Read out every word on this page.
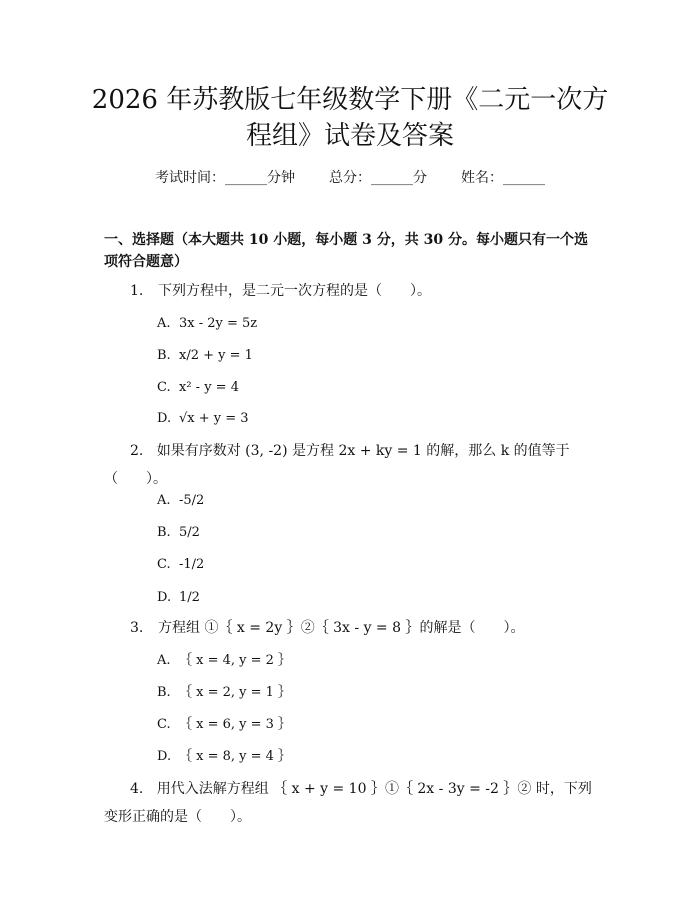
2026 年苏教版七年级数学下册《二元一次方程组》试卷及答案
考试时间：______分钟 总分：______分 姓名：______
一、选择题（本大题共 10 小题，每小题 3 分，共 30 分。每小题只有一个选项符合题意）
1. 下列方程中，是二元一次方程的是（　　）。
A. 3x - 2y = 5z
B. x/2 + y = 1
C. x² - y = 4
D. √x + y = 3
2. 如果有序数对 (3, -2) 是方程 2x + ky = 1 的解，那么 k 的值等于（　　）。
A. -5/2
B. 5/2
C. -1/2
D. 1/2
3. 方程组 ①｛ x = 2y ｝②｛ 3x - y = 8 ｝的解是（　　）。
A. ｛ x = 4, y = 2 ｝
B. ｛ x = 2, y = 1 ｝
C. ｛ x = 6, y = 3 ｝
D. ｛ x = 8, y = 4 ｝
4. 用代入法解方程组 ｛ x + y = 10 ｝①｛ 2x - 3y = -2 ｝② 时，下列变形正确的是（　　）。
